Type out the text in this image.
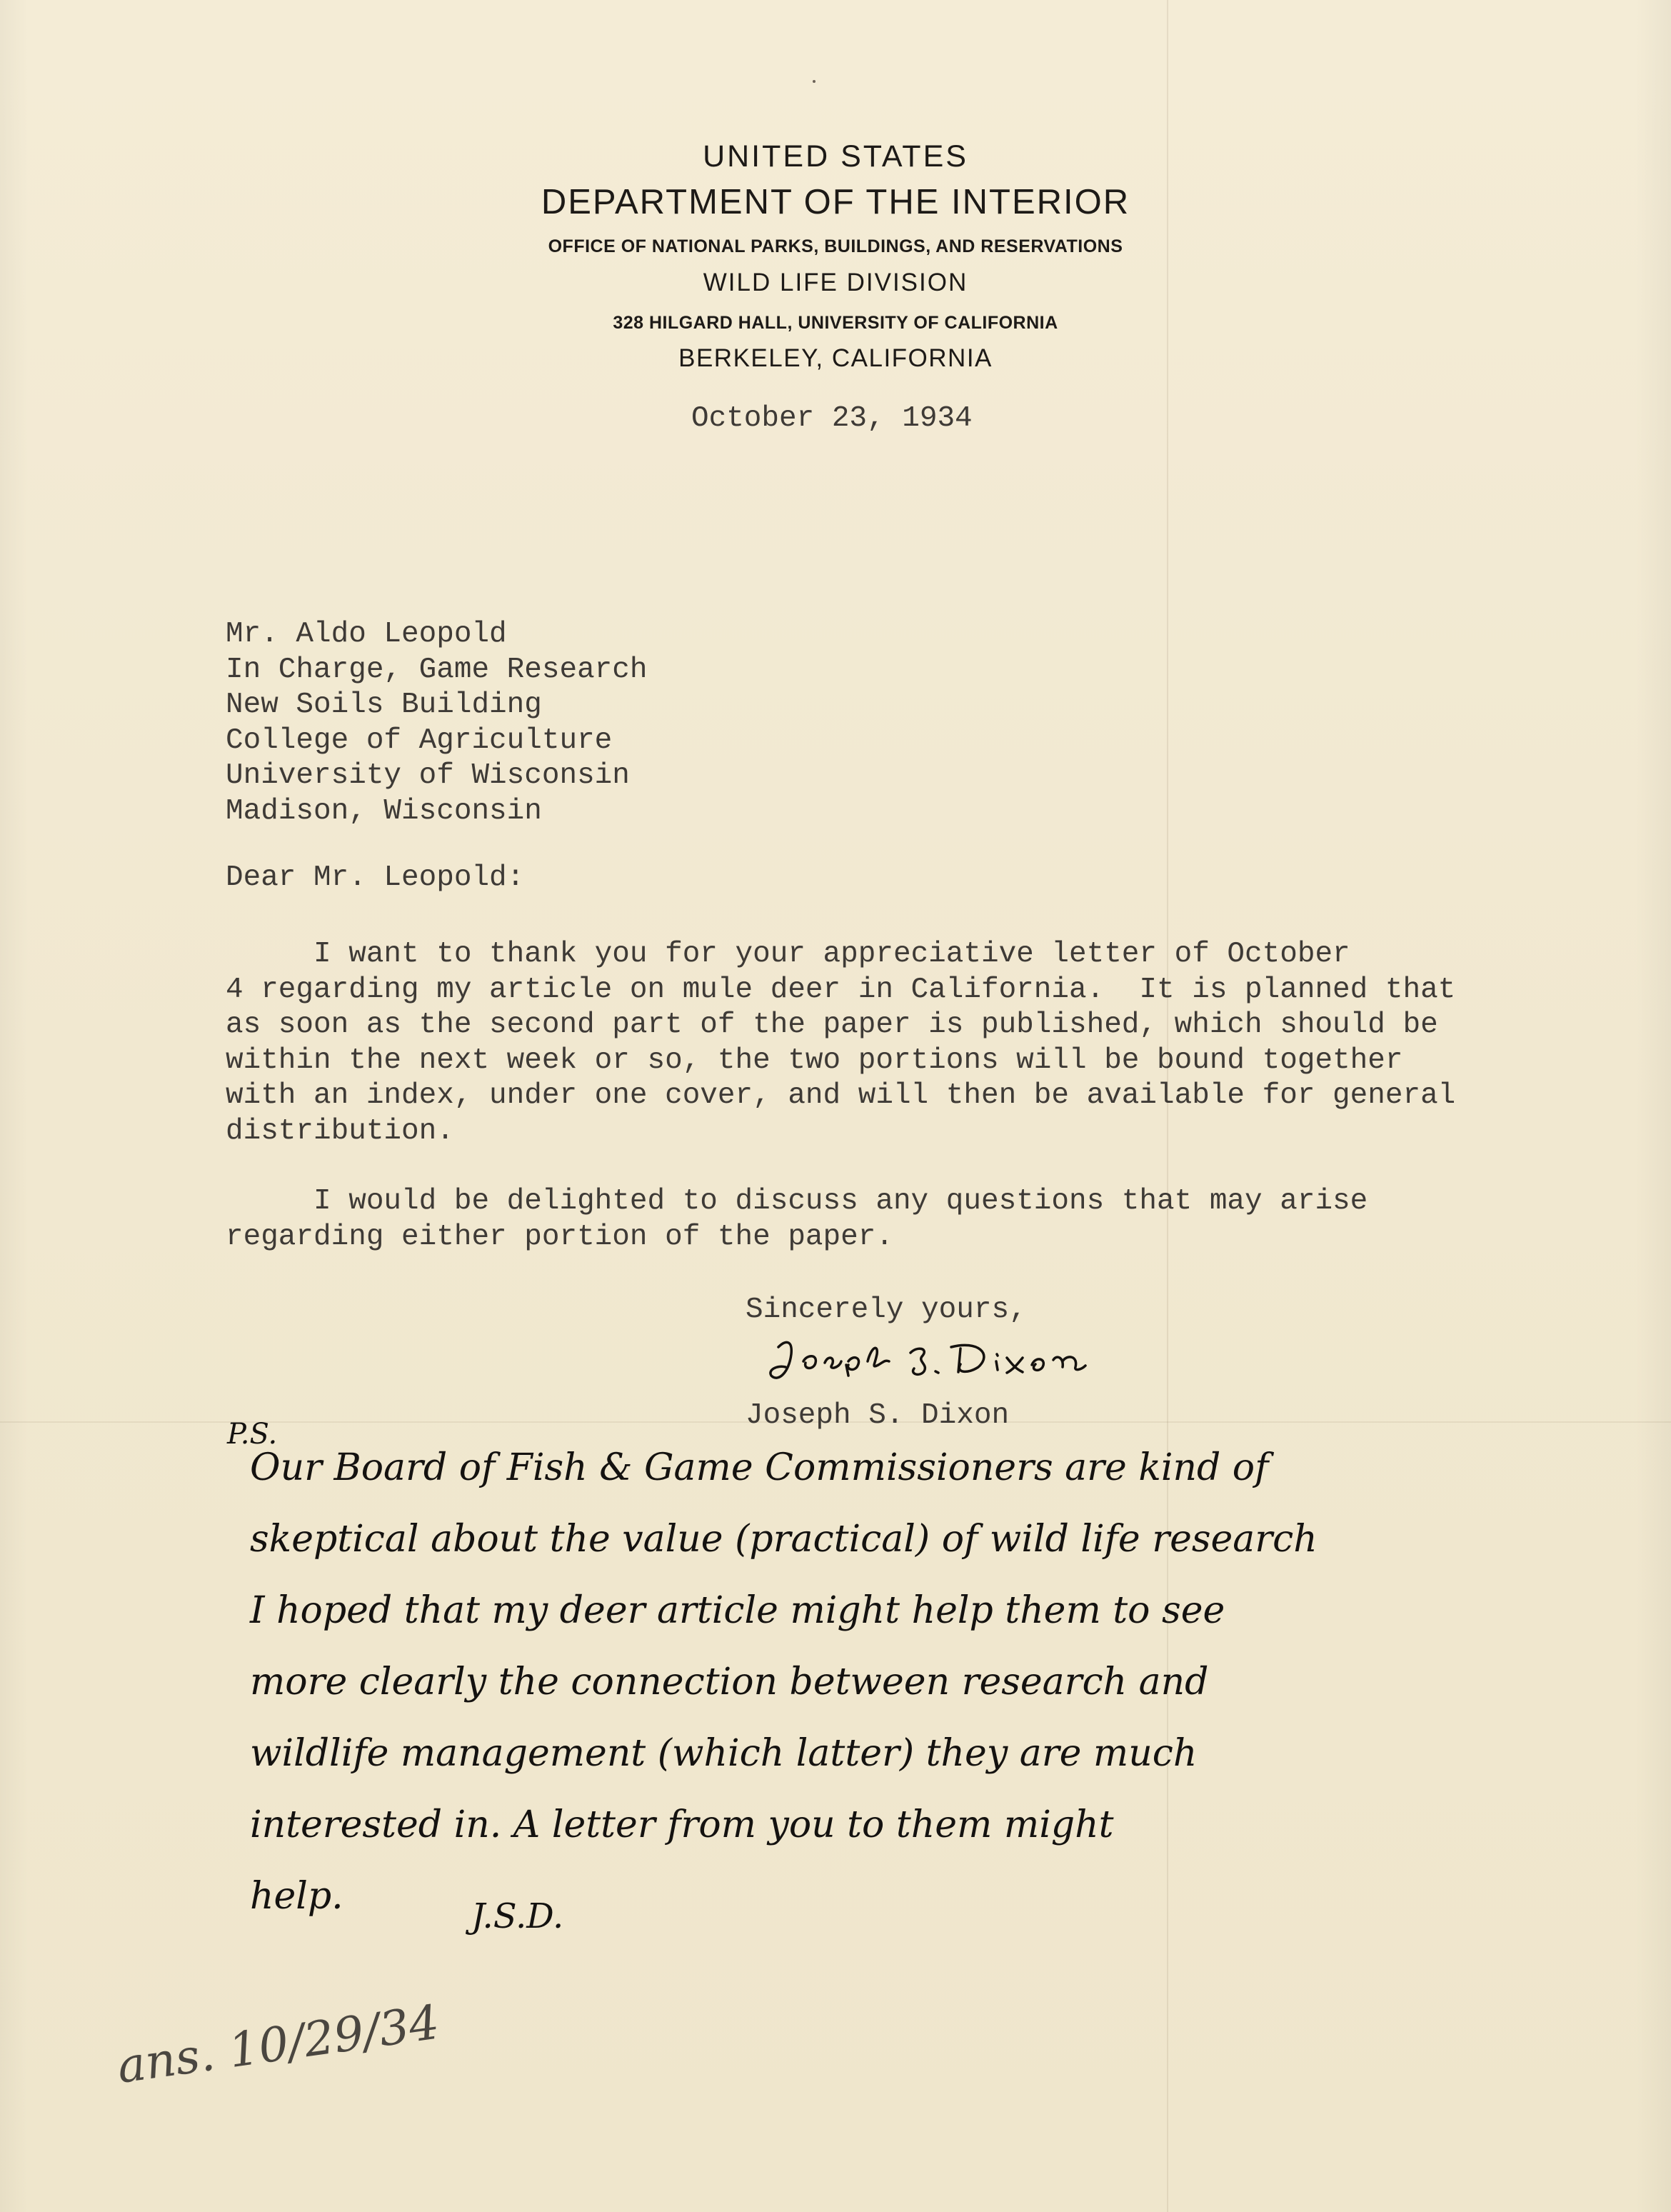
UNITED STATES
DEPARTMENT OF THE INTERIOR
OFFICE OF NATIONAL PARKS, BUILDINGS, AND RESERVATIONS
WILD LIFE DIVISION
328 HILGARD HALL, UNIVERSITY OF CALIFORNIA
BERKELEY, CALIFORNIA
October 23, 1934
Mr. Aldo Leopold
In Charge, Game Research
New Soils Building
College of Agriculture
University of Wisconsin
Madison, Wisconsin
Dear Mr. Leopold:
I want to thank you for your appreciative letter of October
4 regarding my article on mule deer in California.  It is planned that
as soon as the second part of the paper is published, which should be
within the next week or so, the two portions will be bound together
with an index, under one cover, and will then be available for general
distribution.
I would be delighted to discuss any questions that may arise
regarding either portion of the paper.
Sincerely yours,
Joseph S. Dixon
P.S.
Our Board of Fish & Game Commissioners are kind of
skeptical about the value (practical) of wild life research
I hoped that my deer article might help them to see
more clearly the connection between research and
wildlife management (which latter) they are much
interested in. A letter from you to them might
help.	J.S.D.
ans. 10/29/34
